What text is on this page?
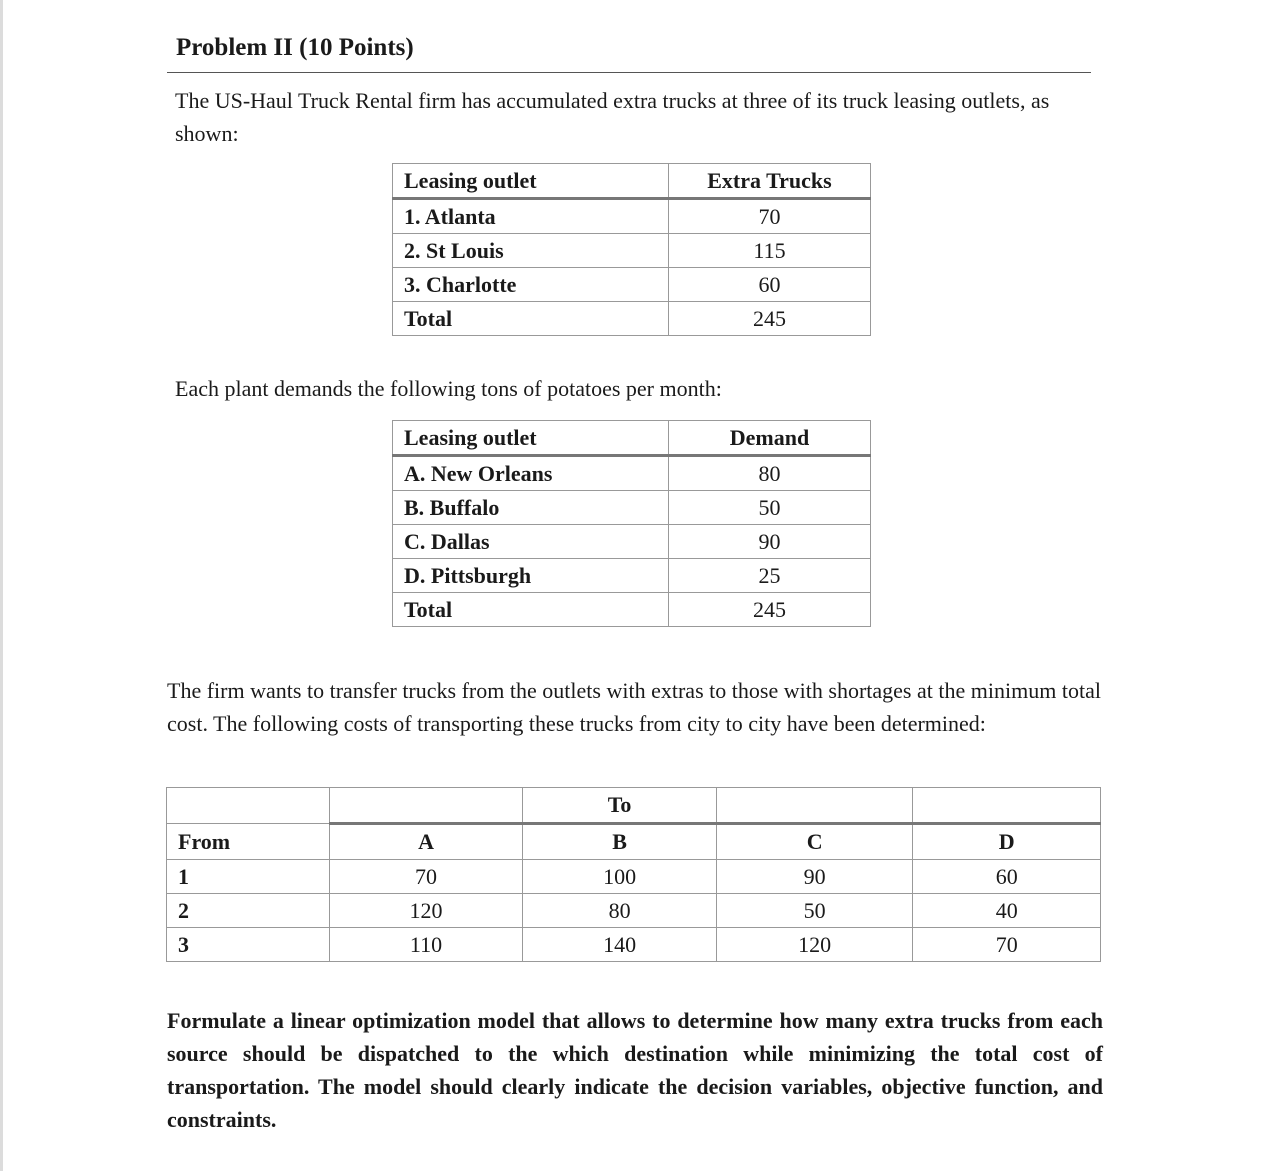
Problem II (10 Points)
The US-Haul Truck Rental firm has accumulated extra trucks at three of its truck leasing outlets, as shown:
Leasing outlet	Extra Trucks
1. Atlanta	70
2. St Louis	115
3. Charlotte	60
Total	245
Each plant demands the following tons of potatoes per month:
Leasing outlet	Demand
A. New Orleans	80
B. Buffalo	50
C. Dallas	90
D. Pittsburgh	25
Total	245
The firm wants to transfer trucks from the outlets with extras to those with shortages at the minimum total cost. The following costs of transporting these trucks from city to city have been determined:
		To		
From	A	B	C	D
1	70	100	90	60
2	120	80	50	40
3	110	140	120	70
Formulate a linear optimization model that allows to determine how many extra trucks from each source should be dispatched to the which destination while minimizing the total cost of transportation. The model should clearly indicate the decision variables, objective function, and constraints.
